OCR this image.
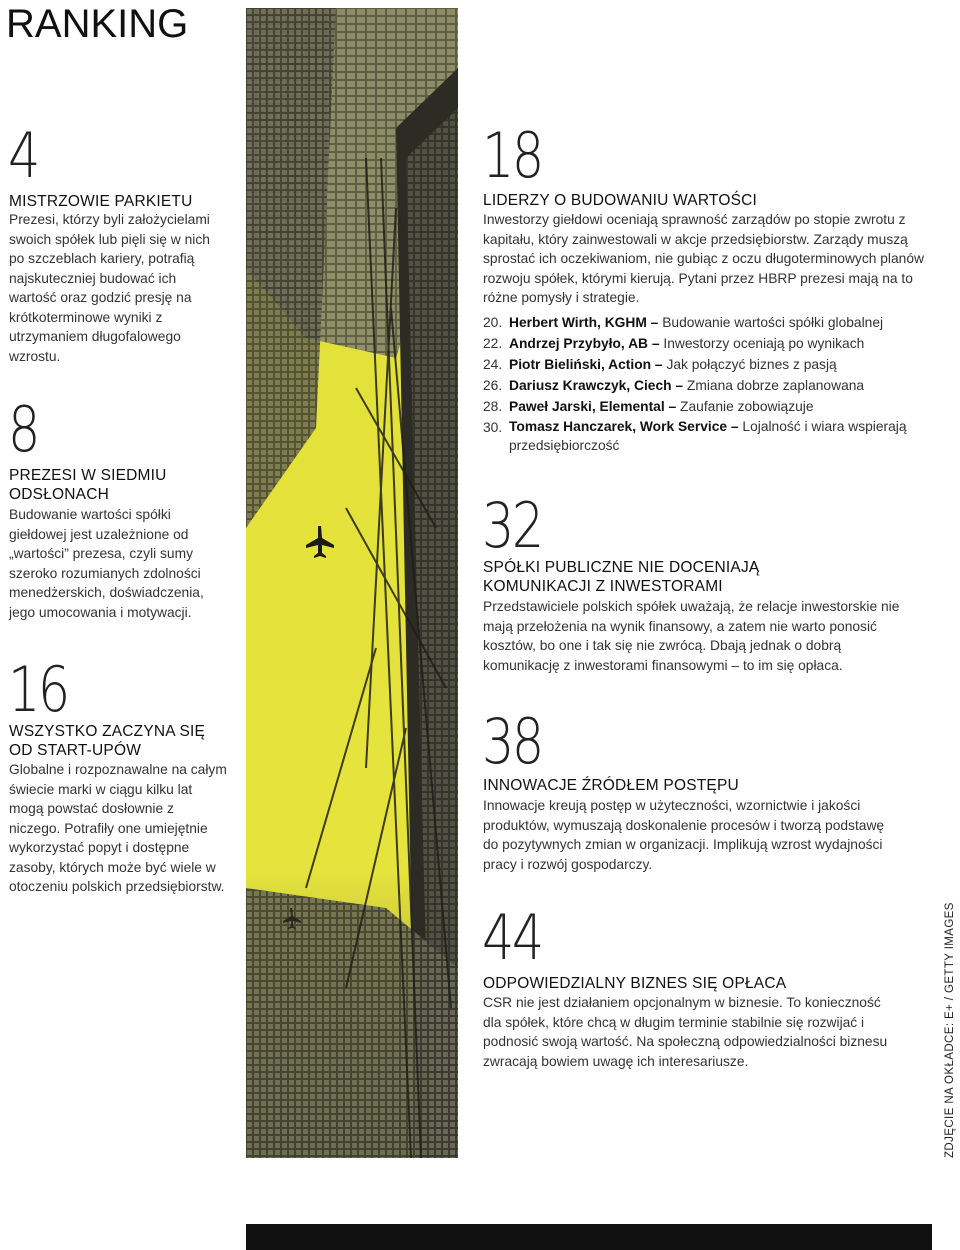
RANKING
4
MISTRZOWIE PARKIETU
Prezesi, którzy byli założycielami swoich spółek lub pięli się w nich po szczeblach kariery, potrafią najskuteczniej budować ich wartość oraz godzić presję na krótkoterminowe wyniki z utrzymaniem długofalowego wzrostu.
8
PREZESI W SIEDMIU ODSŁONACH
Budowanie wartości spółki giełdowej jest uzależnione od „wartości” prezesa, czyli sumy szeroko rozumianych zdolności menedżerskich, doświadczenia, jego umocowania i motywacji.
16
WSZYSTKO ZACZYNA SIĘ OD START-UPÓW
Globalne i rozpoznawalne na całym świecie marki w ciągu kilku lat mogą powstać dosłownie z niczego. Potrafiły one umiejętnie wykorzystać popyt i dostępne zasoby, których może być wiele w otoczeniu polskich przedsiębiorstw.
18
LIDERZY O BUDOWANIU WARTOŚCI
Inwestorzy giełdowi oceniają sprawność zarządów po stopie zwrotu z kapitału, który zainwestowali w akcje przedsiębiorstw. Zarządy muszą sprostać ich oczekiwaniom, nie gubiąc z oczu długoterminowych planów rozwoju spółek, którymi kierują. Pytani przez HBRP prezesi mają na to różne pomysły i strategie.
20. Herbert Wirth, KGHM – Budowanie wartości spółki globalnej
22. Andrzej Przybyło, AB – Inwestorzy oceniają po wynikach
24. Piotr Bieliński, Action – Jak połączyć biznes z pasją
26. Dariusz Krawczyk, Ciech – Zmiana dobrze zaplanowana
28. Paweł Jarski, Elemental – Zaufanie zobowiązuje
30. Tomasz Hanczarek, Work Service – Lojalność i wiara wspierają przedsiębiorczość
32
SPÓŁKI PUBLICZNE NIE DOCENIAJĄ KOMUNIKACJI Z INWESTORAMI
Przedstawiciele polskich spółek uważają, że relacje inwestorskie nie mają przełożenia na wynik finansowy, a zatem nie warto ponosić kosztów, bo one i tak się nie zwrócą. Dbają jednak o dobrą komunikację z inwestorami finansowymi – to im się opłaca.
38
INNOWACJE ŹRÓDŁEM POSTĘPU
Innowacje kreują postęp w użyteczności, wzornictwie i jakości produktów, wymuszają doskonalenie procesów i tworzą podstawę do pozytywnych zmian w organizacji. Implikują wzrost wydajności pracy i rozwój gospodarczy.
44
ODPOWIEDZIALNY BIZNES SIĘ OPŁACA
CSR nie jest działaniem opcjonalnym w biznesie. To konieczność dla spółek, które chcą w długim terminie stabilnie się rozwijać i podnosić swoją wartość. Na społeczną odpowiedzialności biznesu zwracają bowiem uwagę ich interesariusze.	ZDJĘCIE NA OKŁADCE: E+ / GETTY IMAGES
